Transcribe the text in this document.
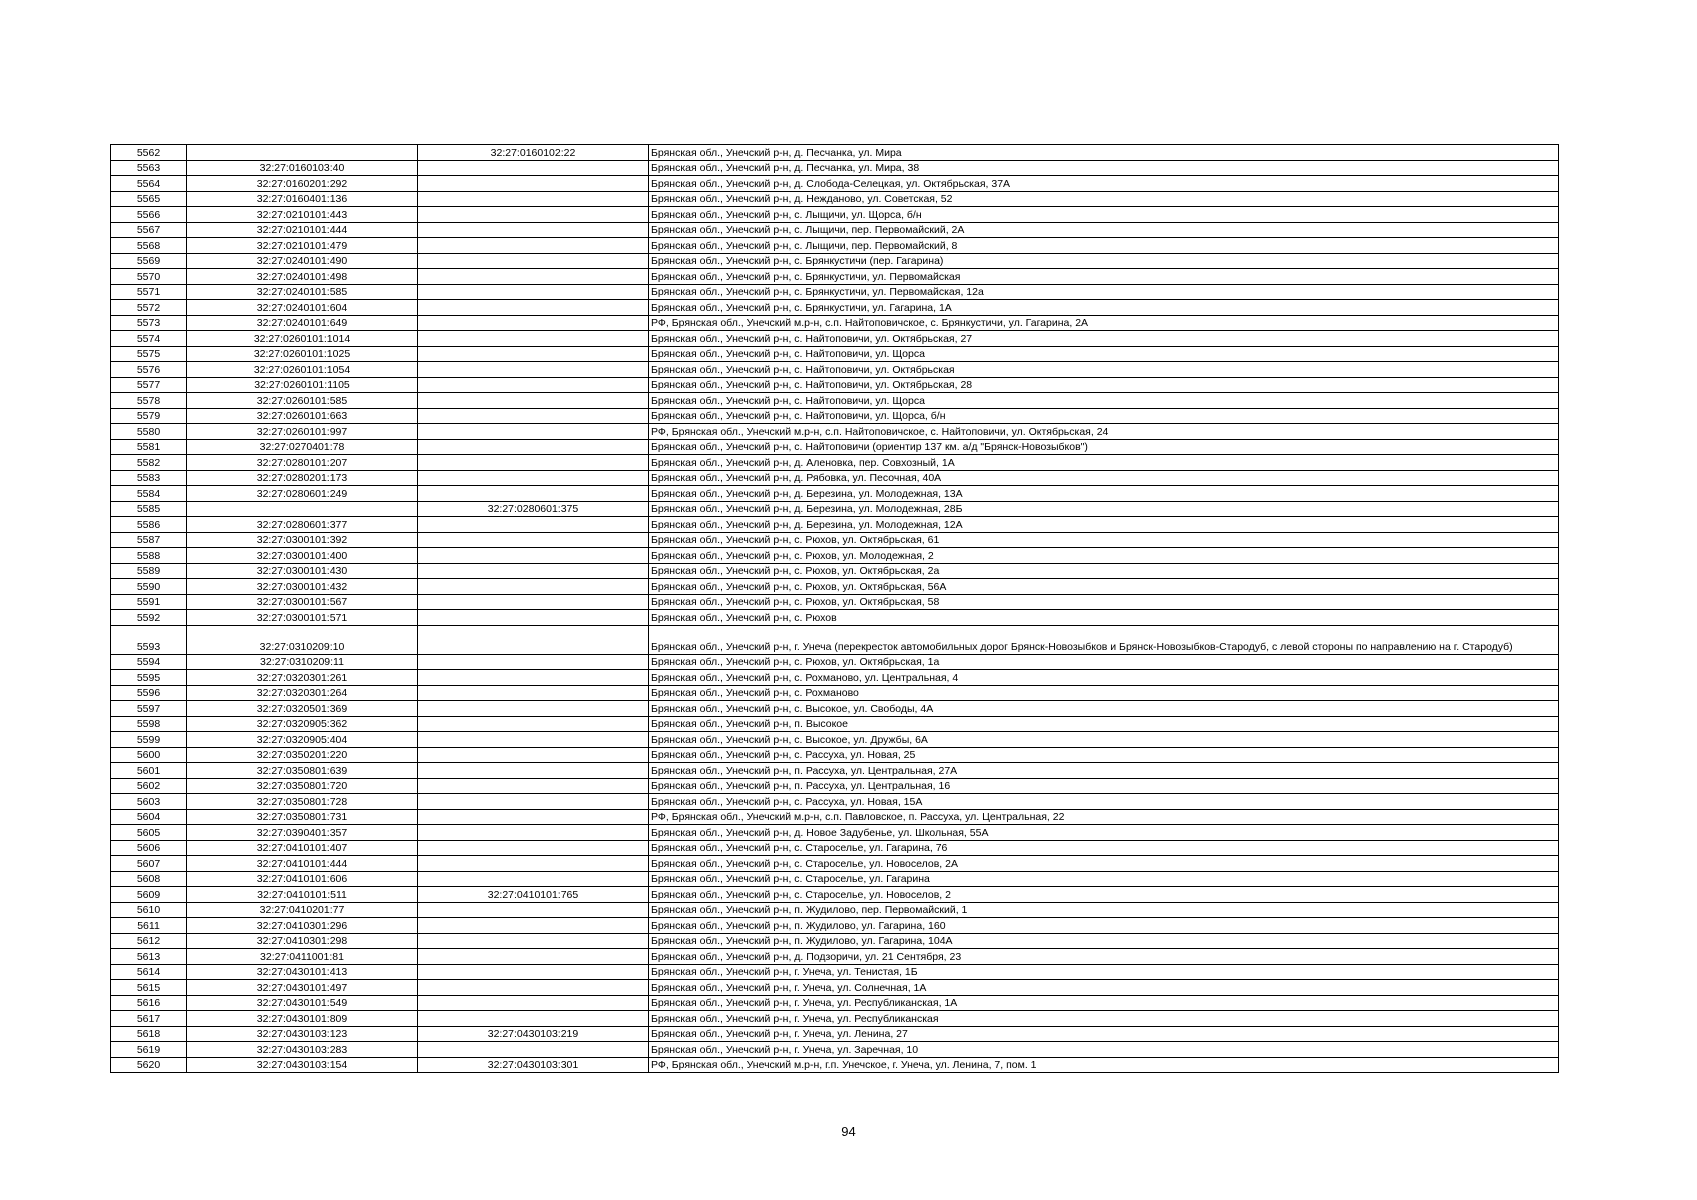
5562		32:27:0160102:22	Брянская обл., Унечский р-н, д. Песчанка, ул. Мира
5563	32:27:0160103:40		Брянская обл., Унечский р-н, д. Песчанка, ул. Мира, 38
5564	32:27:0160201:292		Брянская обл., Унечский р-н, д. Слобода-Селецкая, ул. Октябрьская, 37А
5565	32:27:0160401:136		Брянская обл., Унечский р-н, д. Нежданово, ул. Советская, 52
5566	32:27:0210101:443		Брянская обл., Унечский р-н, с. Лыщичи, ул. Щорса, б/н
5567	32:27:0210101:444		Брянская обл., Унечский р-н, с. Лыщичи, пер. Первомайский, 2А
5568	32:27:0210101:479		Брянская обл., Унечский р-н, с. Лыщичи, пер. Первомайский, 8
5569	32:27:0240101:490		Брянская обл., Унечский р-н, с. Брянкустичи (пер. Гагарина)
5570	32:27:0240101:498		Брянская обл., Унечский р-н, с. Брянкустичи, ул. Первомайская
5571	32:27:0240101:585		Брянская обл., Унечский р-н, с. Брянкустичи, ул. Первомайская, 12а
5572	32:27:0240101:604		Брянская обл., Унечский р-н, с. Брянкустичи, ул. Гагарина, 1А
5573	32:27:0240101:649		РФ, Брянская обл., Унечский м.р-н, с.п. Найтоповичское, с. Брянкустичи, ул. Гагарина, 2А
5574	32:27:0260101:1014		Брянская обл., Унечский р-н, с. Найтоповичи, ул. Октябрьская, 27
5575	32:27:0260101:1025		Брянская обл., Унечский р-н, с. Найтоповичи, ул. Щорса
5576	32:27:0260101:1054		Брянская обл., Унечский р-н, с. Найтоповичи, ул. Октябрьская
5577	32:27:0260101:1105		Брянская обл., Унечский р-н, с. Найтоповичи, ул. Октябрьская, 28
5578	32:27:0260101:585		Брянская обл., Унечский р-н, с. Найтоповичи, ул. Щорса
5579	32:27:0260101:663		Брянская обл., Унечский р-н, с. Найтоповичи, ул. Щорса, б/н
5580	32:27:0260101:997		РФ, Брянская обл., Унечский м.р-н, с.п. Найтоповичское, с. Найтоповичи, ул. Октябрьская, 24
5581	32:27:0270401:78		Брянская обл., Унечский р-н, с. Найтоповичи (ориентир 137 км. а/д "Брянск-Новозыбков")
5582	32:27:0280101:207		Брянская обл., Унечский р-н, д. Аленовка, пер. Совхозный, 1А
5583	32:27:0280201:173		Брянская обл., Унечский р-н, д. Рябовка, ул. Песочная, 40А
5584	32:27:0280601:249		Брянская обл., Унечский р-н, д. Березина, ул. Молодежная, 13А
5585		32:27:0280601:375	Брянская обл., Унечский р-н, д. Березина, ул. Молодежная, 28Б
5586	32:27:0280601:377		Брянская обл., Унечский р-н, д. Березина, ул. Молодежная, 12А
5587	32:27:0300101:392		Брянская обл., Унечский р-н, с. Рюхов, ул. Октябрьская, 61
5588	32:27:0300101:400		Брянская обл., Унечский р-н, с. Рюхов, ул. Молодежная, 2
5589	32:27:0300101:430		Брянская обл., Унечский р-н, с. Рюхов, ул. Октябрьская, 2а
5590	32:27:0300101:432		Брянская обл., Унечский р-н, с. Рюхов, ул. Октябрьская, 56А
5591	32:27:0300101:567		Брянская обл., Унечский р-н, с. Рюхов, ул. Октябрьская, 58
5592	32:27:0300101:571		Брянская обл., Унечский р-н, с. Рюхов
5593	32:27:0310209:10		Брянская обл., Унечский р-н, г. Унеча (перекресток автомобильных дорог Брянск-Новозыбков и Брянск-Новозыбков-Стародуб, с левой стороны по направлению на г. Стародуб)
5594	32:27:0310209:11		Брянская обл., Унечский р-н, с. Рюхов, ул. Октябрьская, 1а
5595	32:27:0320301:261		Брянская обл., Унечский р-н, с. Рохманово, ул. Центральная, 4
5596	32:27:0320301:264		Брянская обл., Унечский р-н, с. Рохманово
5597	32:27:0320501:369		Брянская обл., Унечский р-н, с. Высокое, ул. Свободы, 4А
5598	32:27:0320905:362		Брянская обл., Унечский р-н, п. Высокое
5599	32:27:0320905:404		Брянская обл., Унечский р-н, с. Высокое, ул. Дружбы, 6А
5600	32:27:0350201:220		Брянская обл., Унечский р-н, с. Рассуха, ул. Новая, 25
5601	32:27:0350801:639		Брянская обл., Унечский р-н, п. Рассуха, ул. Центральная, 27А
5602	32:27:0350801:720		Брянская обл., Унечский р-н, п. Рассуха, ул. Центральная, 16
5603	32:27:0350801:728		Брянская обл., Унечский р-н, с. Рассуха, ул. Новая, 15А
5604	32:27:0350801:731		РФ, Брянская обл., Унечский м.р-н, с.п. Павловское, п. Рассуха, ул. Центральная, 22
5605	32:27:0390401:357		Брянская обл., Унечский р-н, д. Новое Задубенье, ул. Школьная, 55А
5606	32:27:0410101:407		Брянская обл., Унечский р-н, с. Староселье, ул. Гагарина, 76
5607	32:27:0410101:444		Брянская обл., Унечский р-н, с. Староселье, ул. Новоселов, 2А
5608	32:27:0410101:606		Брянская обл., Унечский р-н, с. Староселье, ул. Гагарина
5609	32:27:0410101:511	32:27:0410101:765	Брянская обл., Унечский р-н, с. Староселье, ул. Новоселов, 2
5610	32:27:0410201:77		Брянская обл., Унечский р-н, п. Жудилово, пер. Первомайский, 1
5611	32:27:0410301:296		Брянская обл., Унечский р-н, п. Жудилово, ул. Гагарина, 160
5612	32:27:0410301:298		Брянская обл., Унечский р-н, п. Жудилово, ул. Гагарина, 104А
5613	32:27:0411001:81		Брянская обл., Унечский р-н, д. Подзоричи, ул. 21 Сентября, 23
5614	32:27:0430101:413		Брянская обл., Унечский р-н, г. Унеча, ул. Тенистая, 1Б
5615	32:27:0430101:497		Брянская обл., Унечский р-н, г. Унеча, ул. Солнечная, 1А
5616	32:27:0430101:549		Брянская обл., Унечский р-н, г. Унеча, ул. Республиканская, 1А
5617	32:27:0430101:809		Брянская обл., Унечский р-н, г. Унеча, ул. Республиканская
5618	32:27:0430103:123	32:27:0430103:219	Брянская обл., Унечский р-н, г. Унеча, ул. Ленина, 27
5619	32:27:0430103:283		Брянская обл., Унечский р-н, г. Унеча, ул. Заречная, 10
5620	32:27:0430103:154	32:27:0430103:301	РФ, Брянская обл., Унечский м.р-н, г.п. Унечское, г. Унеча, ул. Ленина, 7, пом. 1
94
